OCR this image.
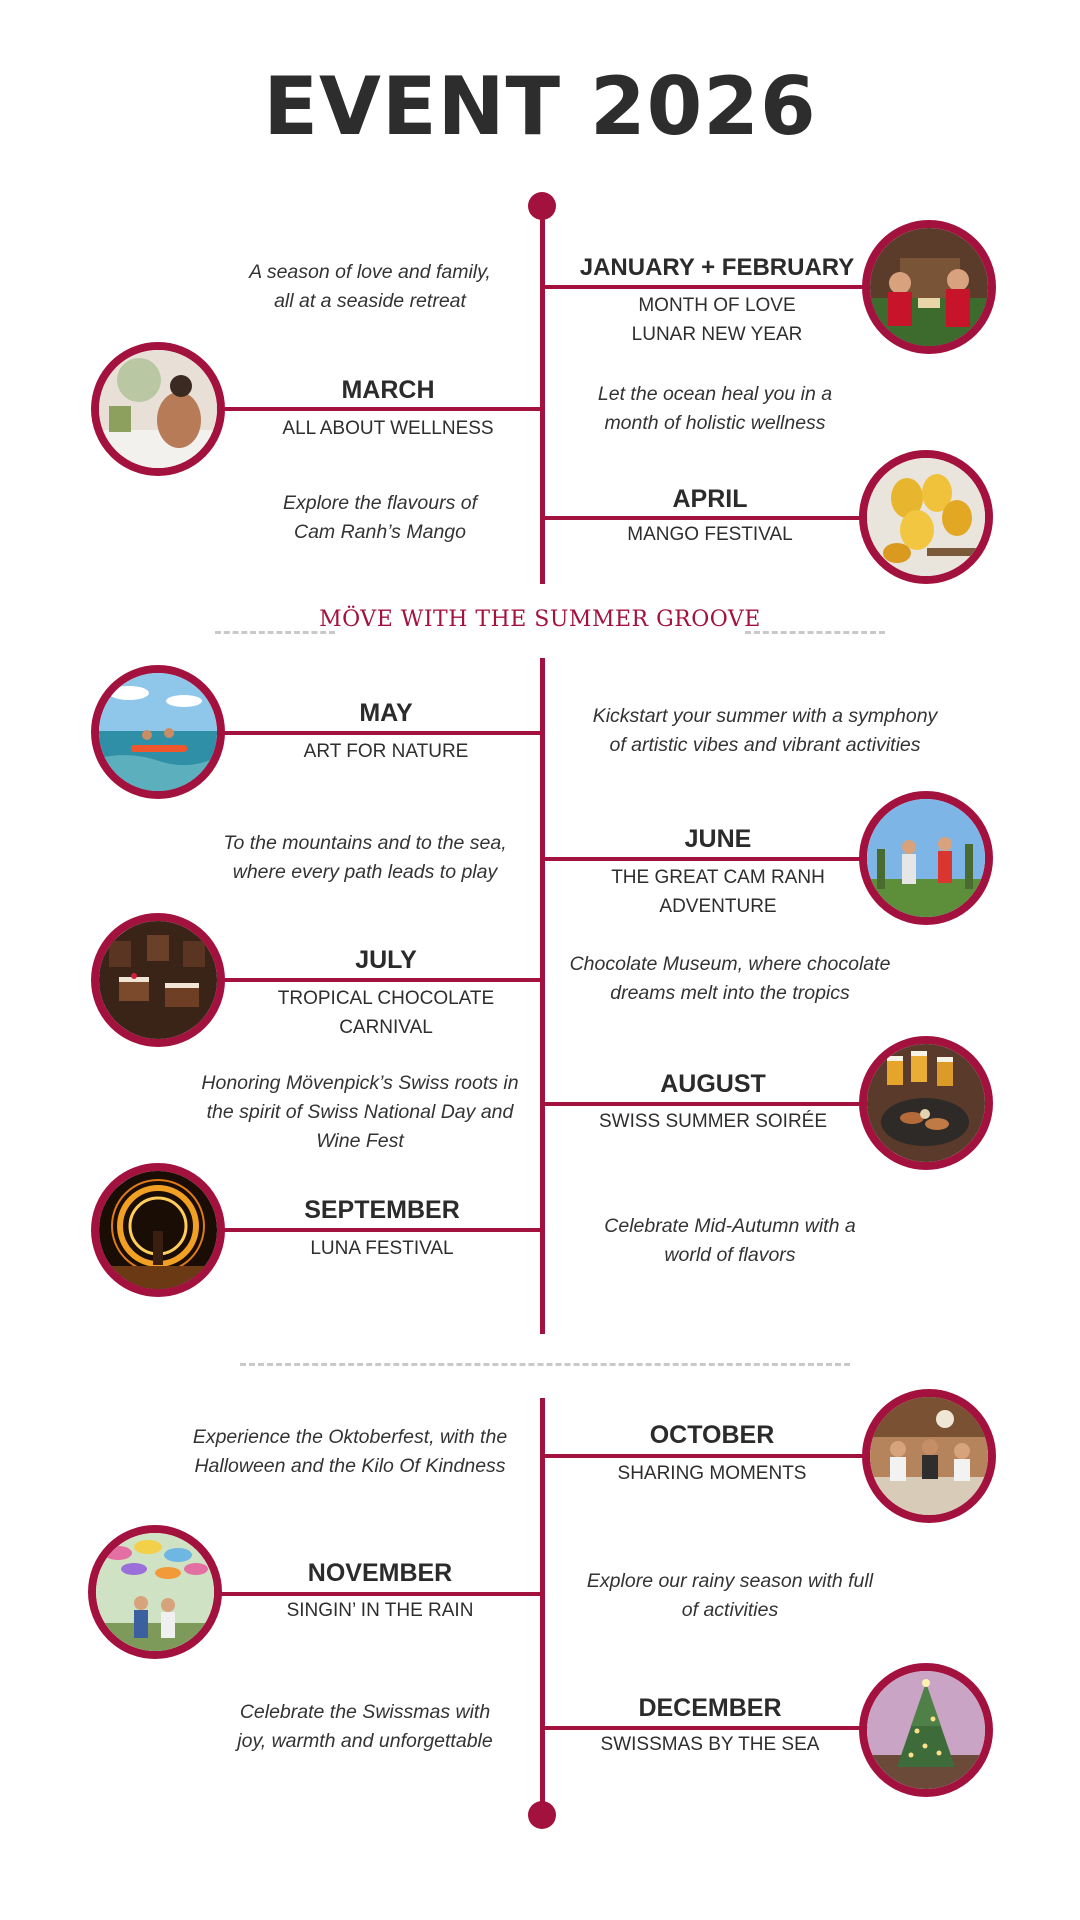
EVENT 2026
MÖVE WITH THE SUMMER GROOVE
JANUARY + FEBRUARY
MONTH OF LOVE
LUNAR NEW YEAR
A season of love and family,
all at a seaside retreat
MARCH
ALL ABOUT WELLNESS
Let the ocean heal you in a
month of holistic wellness
APRIL
MANGO FESTIVAL
Explore the flavours of
Cam Ranh’s Mango
MAY
ART FOR NATURE
Kickstart your summer with a symphony
of artistic vibes and vibrant activities
JUNE
THE GREAT CAM RANH
ADVENTURE
To the mountains and to the sea,
where every path leads to play
JULY
TROPICAL CHOCOLATE
CARNIVAL
Chocolate Museum, where chocolate
dreams melt into the tropics
AUGUST
SWISS SUMMER SOIRÉE
Honoring Mövenpick’s Swiss roots in
the spirit of Swiss National Day and
Wine Fest
SEPTEMBER
LUNA FESTIVAL
Celebrate Mid-Autumn with a
world of flavors
OCTOBER
SHARING MOMENTS
Experience the Oktoberfest, with the
Halloween and the Kilo Of Kindness
NOVEMBER
SINGIN’ IN THE RAIN
Explore our rainy season with full
of activities
DECEMBER
SWISSMAS BY THE SEA
Celebrate the Swissmas with
joy, warmth and unforgettable
